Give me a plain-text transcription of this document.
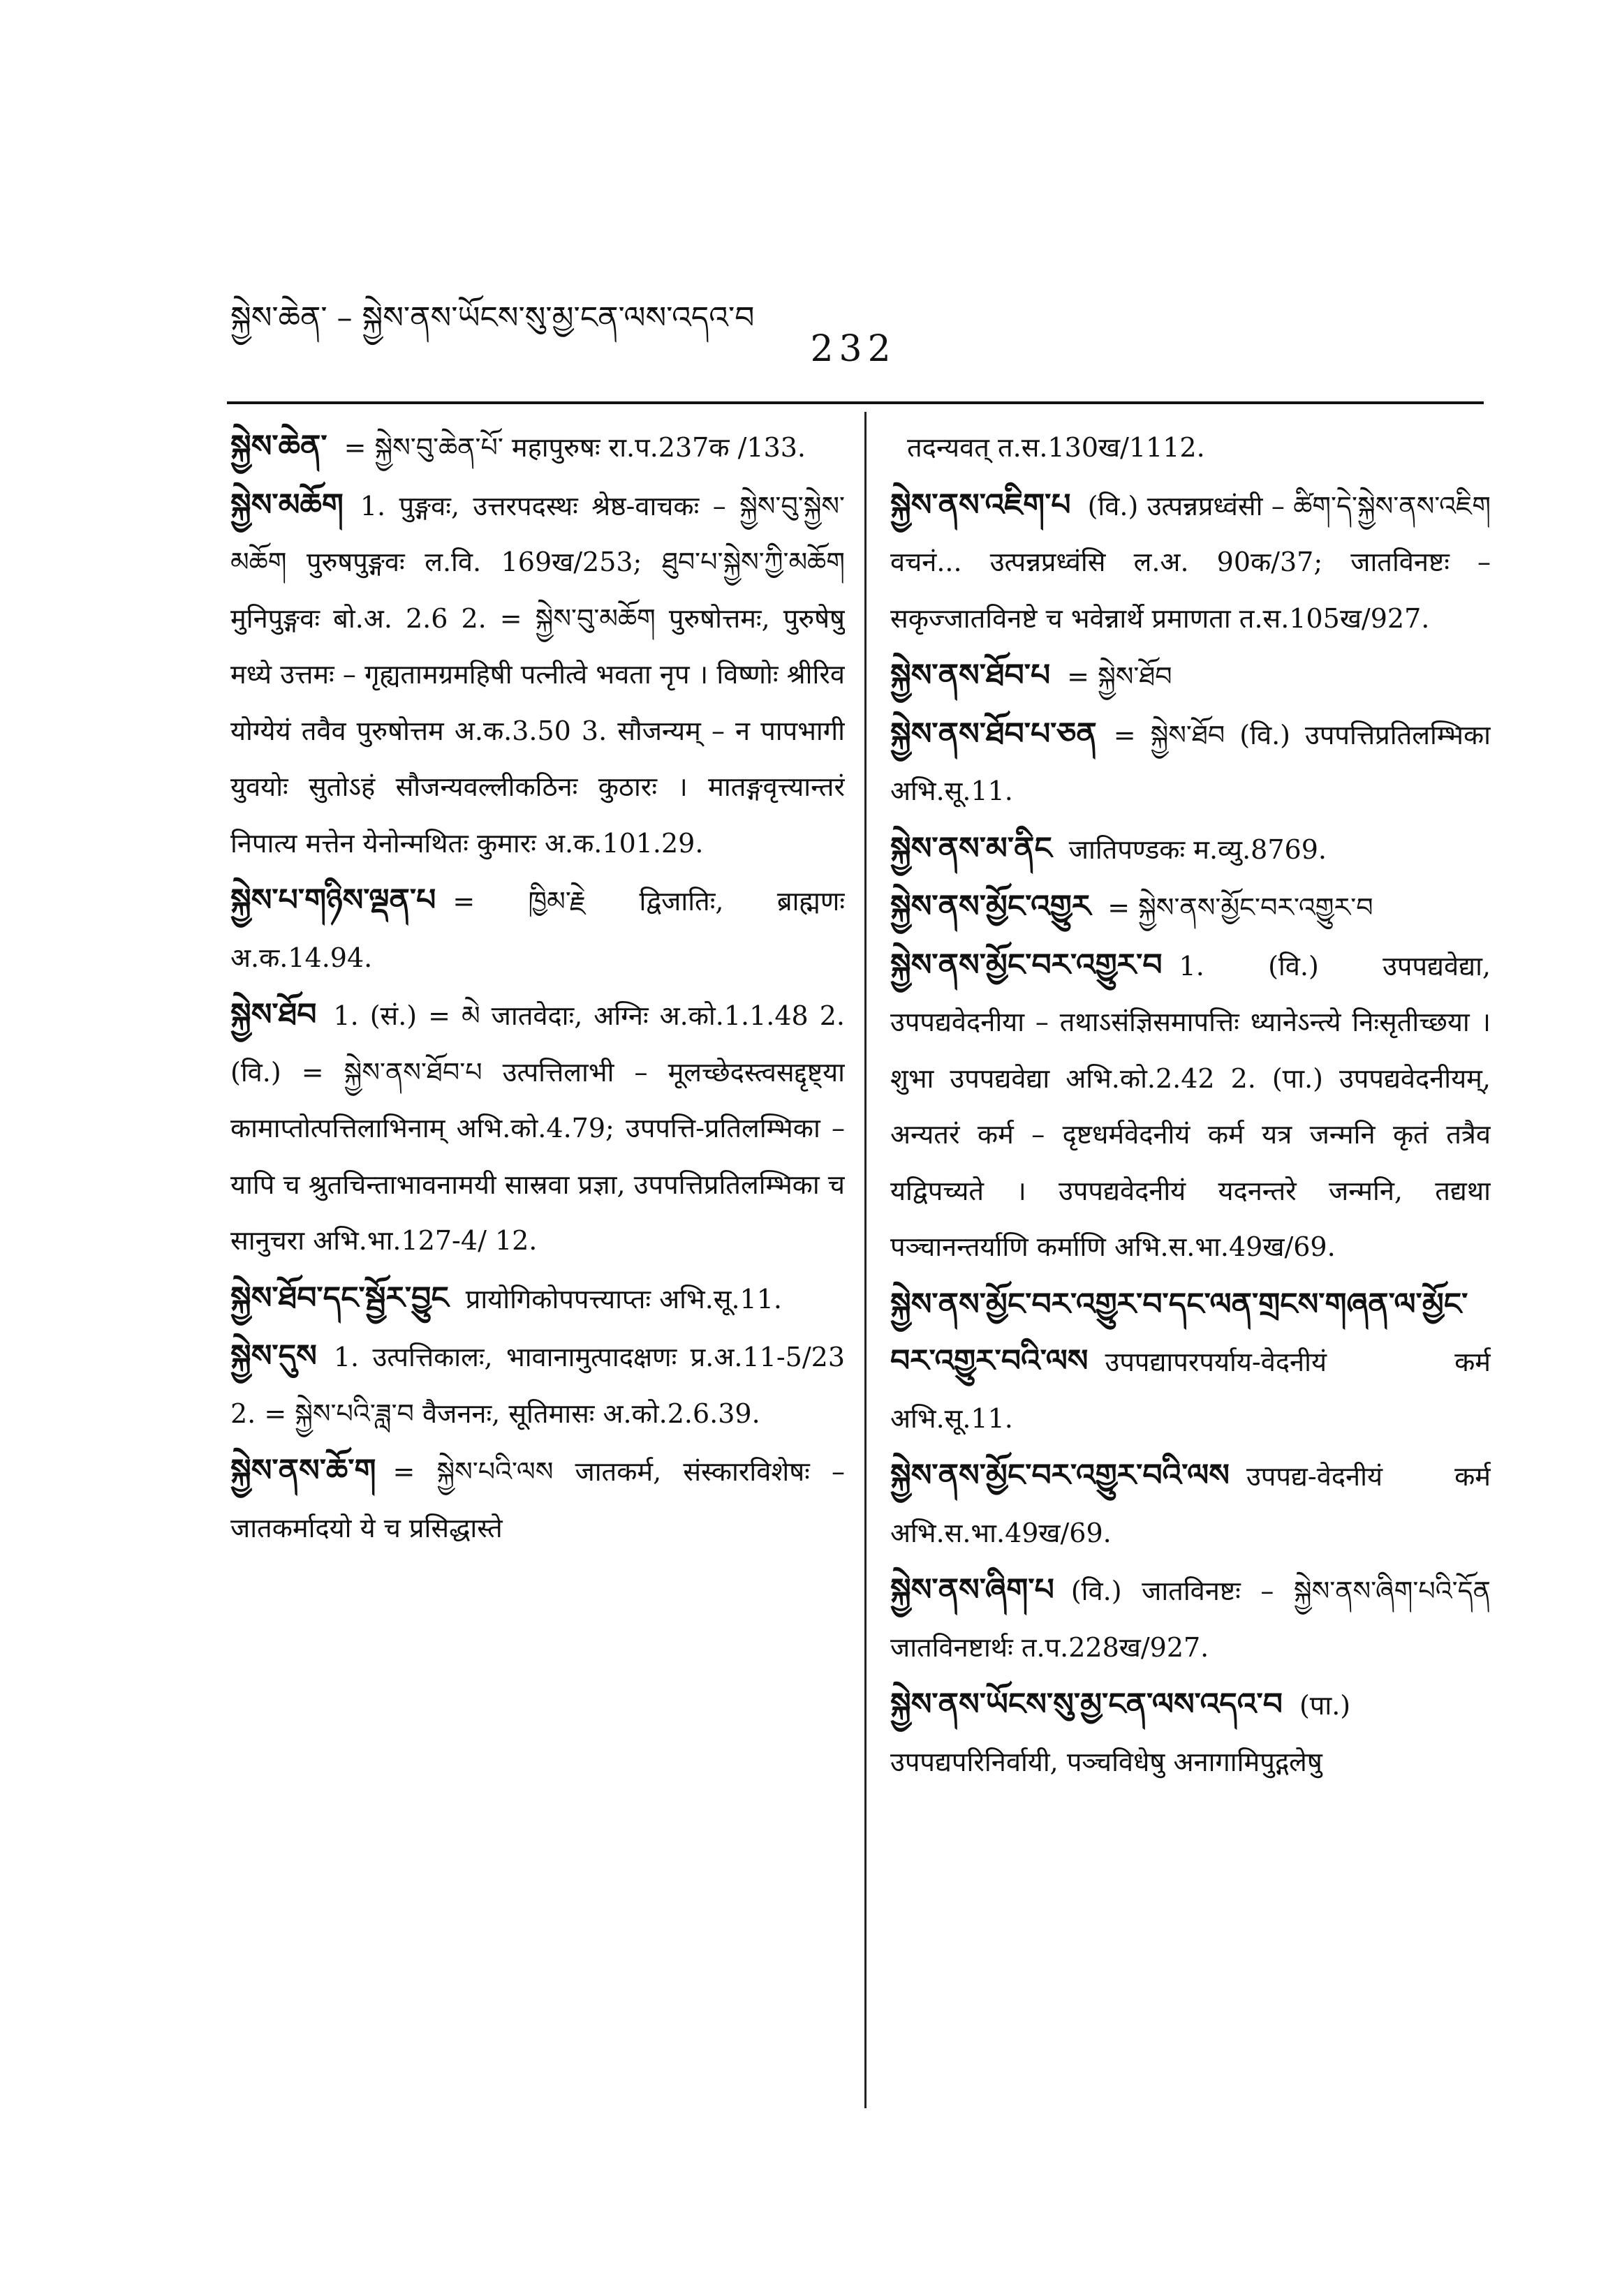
སྐྱེས་ཆེན་ – སྐྱེས་ནས་ཡོངས་སུ་མྱ་ངན་ལས་འདའ་བ
232

སྐྱེས་ཆེན་ = སྐྱེས་བུ་ཆེན་པོ་ महापुरुषः रा.प.237क /133.

སྐྱེས་མཆོག 1. पुङ्गवः, उत्तरपदस्थः श्रेष्ठ-वाचकः – སྐྱེས་བུ་སྐྱེས་མཆོག पुरुषपुङ्गवः ल.वि. 169ख/253; ཐུབ་པ་སྐྱེས་ཀྱི་མཆོག मुनिपुङ्गवः बो.अ. 2.6 2. = སྐྱེས་བུ་མཆོག पुरुषोत्तमः, पुरुषेषु मध्ये उत्तमः – गृह्यतामग्रमहिषी पत्नीत्वे भवता नृप । विष्णोः श्रीरिव योग्येयं तवैव पुरुषोत्तम अ.क.3.50 3. सौजन्यम् – न पापभागी युवयोः सुतोऽहं सौजन्यवल्लीकठिनः कुठारः । मातङ्गवृत्त्यान्तरं निपात्य मत्तेन येनोन्मथितः कुमारः अ.क.101.29.

སྐྱེས་པ་གཉིས་ལྡན་པ = ཁྱིམ་རྗེ द्विजातिः, ब्राह्मणः अ.क.14.94.

སྐྱེས་ཐོབ 1. (सं.) = མེ जातवेदाः, अग्निः अ.को.1.1.48 2. (वि.) = སྐྱེས་ནས་ཐོབ་པ उत्पत्तिलाभी – मूलच्छेदस्त्वसद्दृष्ट्या कामाप्तोत्पत्तिलाभिनाम् अभि.को.4.79; उपपत्ति-प्रतिलम्भिका – यापि च श्रुतचिन्ताभावनामयी सास्रवा प्रज्ञा, उपपत्तिप्रतिलम्भिका च सानुचरा अभि.भा.127-4/ 12.

སྐྱེས་ཐོབ་དང་སྦྱོར་བྱུང प्रायोगिकोपपत्त्याप्तः अभि.सू.11.

སྐྱེས་དུས 1. उत्पत्तिकालः, भावानामुत्पादक्षणः प्र.अ.11-5/23 2. = སྐྱེས་པའི་ཟླ་བ वैजननः, सूतिमासः अ.को.2.6.39.

སྐྱེས་ནས་ཆོ་ག = སྐྱེས་པའི་ལས जातकर्म, संस्कारविशेषः – जातकर्मादयो ये च प्रसिद्धास्ते

तदन्यवत् त.स.130ख/1112.

སྐྱེས་ནས་འཇིག་པ (वि.) उत्पन्नप्रध्वंसी – ཚིག་དེ་སྐྱེས་ནས་འཇིག वचनं... उत्पन्नप्रध्वंसि ल.अ. 90क/37; जातविनष्टः – सकृज्जातविनष्टे च भवेन्नार्थे प्रमाणता त.स.105ख/927.

སྐྱེས་ནས་ཐོབ་པ = སྐྱེས་ཐོབ

སྐྱེས་ནས་ཐོབ་པ་ཅན = སྐྱེས་ཐོབ (वि.) उपपत्तिप्रतिलम्भिका अभि.सू.11.

སྐྱེས་ནས་མ་ནིང जातिपण्डकः म.व्यु.8769.

སྐྱེས་ནས་མྱོང་འགྱུར = སྐྱེས་ནས་མྱོང་བར་འགྱུར་བ

སྐྱེས་ནས་མྱོང་བར་འགྱུར་བ 1. (वि.) उपपद्यवेद्या, उपपद्यवेदनीया – तथाऽसंज्ञिसमापत्तिः ध्यानेऽन्त्ये निःसृतीच्छया । शुभा उपपद्यवेद्या अभि.को.2.42 2. (पा.) उपपद्यवेदनीयम्, अन्यतरं कर्म – दृष्टधर्मवेदनीयं कर्म यत्र जन्मनि कृतं तत्रैव यद्विपच्यते । उपपद्यवेदनीयं यदनन्तरे जन्मनि, तद्यथा पञ्चानन्तर्याणि कर्माणि अभि.स.भा.49ख/69.

སྐྱེས་ནས་མྱོང་བར་འགྱུར་བ་དང་ལན་གྲངས་གཞན་ལ་མྱོང་བར་འགྱུར་བའི་ལས उपपद्यापरपर्याय-वेदनीयं कर्म अभि.सू.11.

སྐྱེས་ནས་མྱོང་བར་འགྱུར་བའི་ལས उपपद्य-वेदनीयं कर्म अभि.स.भा.49ख/69.

སྐྱེས་ནས་ཞིག་པ (वि.) जातविनष्टः – སྐྱེས་ནས་ཞིག་པའི་དོན जातविनष्टार्थः त.प.228ख/927.

སྐྱེས་ནས་ཡོངས་སུ་མྱ་ངན་ལས་འདའ་བ (पा.) उपपद्यपरिनिर्वायी, पञ्चविधेषु अनागामिपुद्गलेषु
